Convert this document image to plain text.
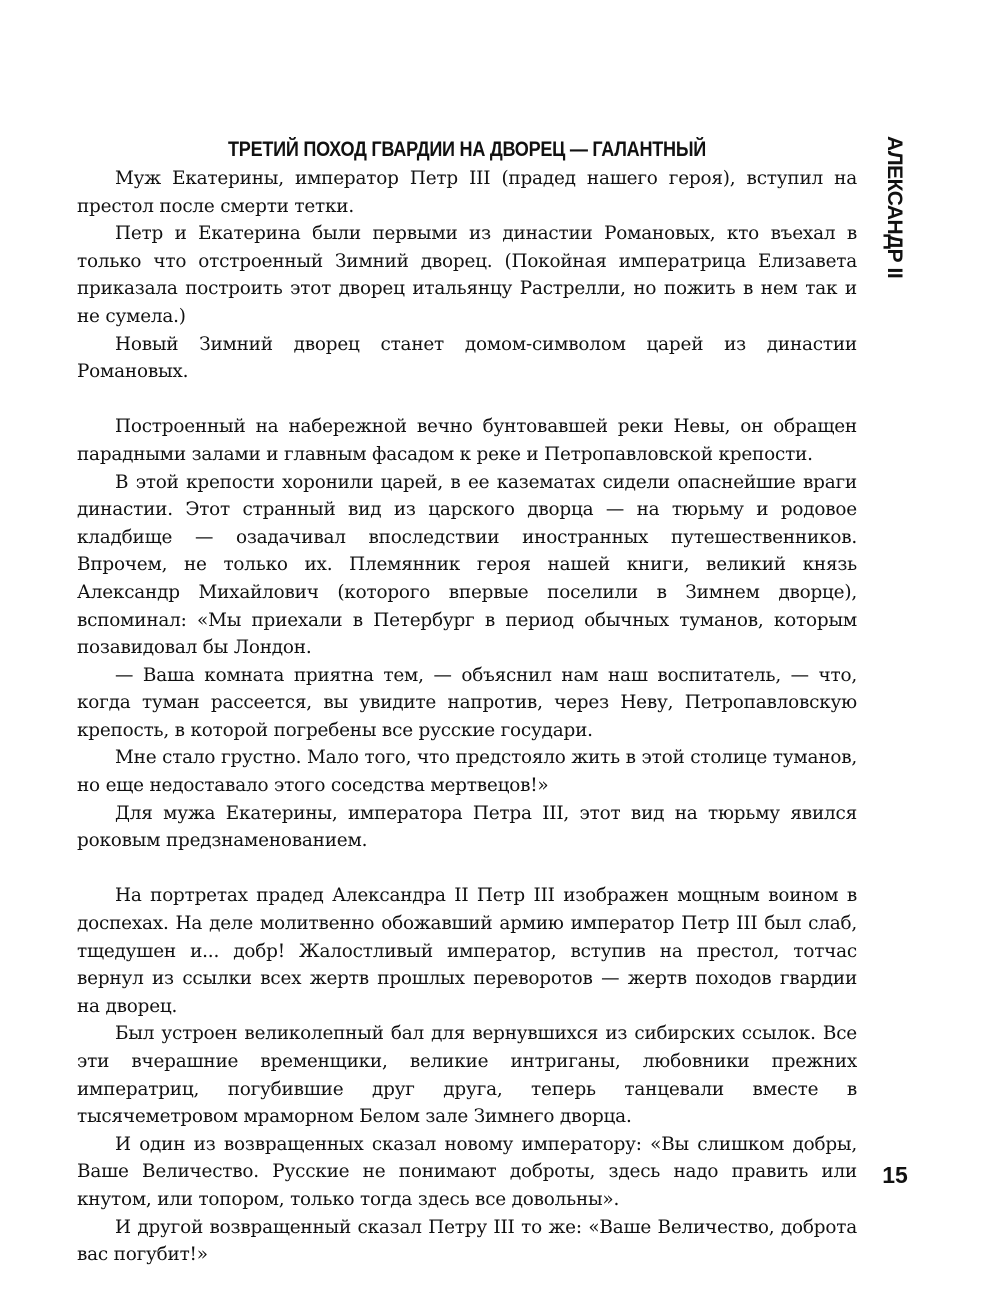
ТРЕТИЙ ПОХОД ГВАРДИИ НА ДВОРЕЦ — ГАЛАНТНЫЙ

Муж Екатерины, император Петр III (прадед нашего героя), вступил на престол после смерти тетки.

Петр и Екатерина были первыми из династии Романовых, кто въехал в только что отстроенный Зимний дворец. (Покойная императрица Елизавета приказала построить этот дворец итальянцу Растрелли, но пожить в нем так и не сумела.)

Новый Зимний дворец станет домом-символом царей из династии Романовых.

Построенный на набережной вечно бунтовавшей реки Невы, он обращен парадными залами и главным фасадом к реке и Петропавловской крепости.

В этой крепости хоронили царей, в ее казематах сидели опаснейшие враги династии. Этот странный вид из царского дворца — на тюрьму и родовое кладбище — озадачивал впоследствии иностранных путешественников. Впрочем, не только их. Племянник героя нашей книги, великий князь Александр Михайлович (которого впервые поселили в Зимнем дворце), вспоминал: «Мы приехали в Петербург в период обычных туманов, которым позавидовал бы Лондон.

— Ваша комната приятна тем, — объяснил нам наш воспитатель, — что, когда туман рассеется, вы увидите напротив, через Неву, Петропавловскую крепость, в которой погребены все русские государи.

Мне стало грустно. Мало того, что предстояло жить в этой столице туманов, но еще недоставало этого соседства мертвецов!»

Для мужа Екатерины, императора Петра III, этот вид на тюрьму явился роковым предзнаменованием.

На портретах прадед Александра II Петр III изображен мощным воином в доспехах. На деле молитвенно обожавший армию император Петр III был слаб, тщедушен и... добр! Жалостливый император, вступив на престол, тотчас вернул из ссылки всех жертв прошлых переворотов — жертв походов гвардии на дворец.

Был устроен великолепный бал для вернувшихся из сибирских ссылок. Все эти вчерашние временщики, великие интриганы, любовники прежних императриц, погубившие друг друга, теперь танцевали вместе в тысячеметровом мраморном Белом зале Зимнего дворца.

И один из возвращенных сказал новому императору: «Вы слишком добры, Ваше Величество. Русские не понимают доброты, здесь надо править или кнутом, или топором, только тогда здесь все довольны».

И другой возвращенный сказал Петру III то же: «Ваше Величество, доброта вас погубит!»

АЛЕКСАНДР II
15
